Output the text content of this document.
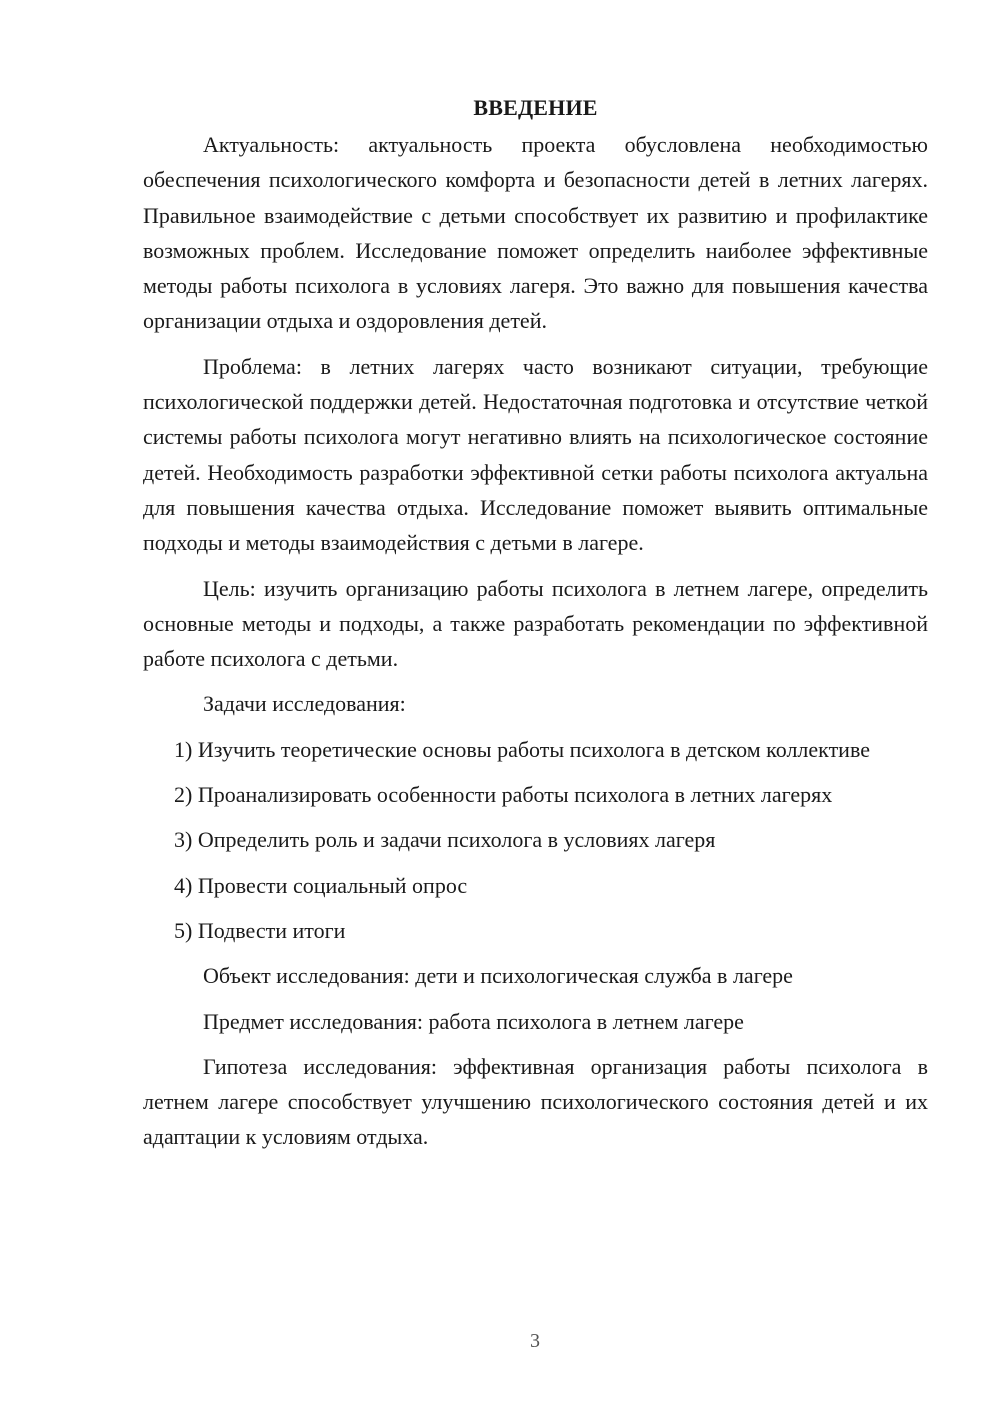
ВВЕДЕНИЕ

Актуальность: актуальность проекта обусловлена необходимостью обеспечения психологического комфорта и безопасности детей в летних лагерях. Правильное взаимодействие с детьми способствует их развитию и профилактике возможных проблем. Исследование поможет определить наиболее эффективные методы работы психолога в условиях лагеря. Это важно для повышения качества организации отдыха и оздоровления детей.

Проблема: в летних лагерях часто возникают ситуации, требующие психологической поддержки детей. Недостаточная подготовка и отсутствие четкой системы работы психолога могут негативно влиять на психологическое состояние детей. Необходимость разработки эффективной сетки работы психолога актуальна для повышения качества отдыха. Исследование поможет выявить оптимальные подходы и методы взаимодействия с детьми в лагере.

Цель: изучить организацию работы психолога в летнем лагере, определить основные методы и подходы, а также разработать рекомендации по эффективной работе психолога с детьми.

Задачи исследования:

1) Изучить теоретические основы работы психолога в детском коллективе

2) Проанализировать особенности работы психолога в летних лагерях

3) Определить роль и задачи психолога в условиях лагеря

4) Провести социальный опрос

5) Подвести итоги

Объект исследования: дети и психологическая служба в лагере

Предмет исследования: работа психолога в летнем лагере

Гипотеза исследования: эффективная организация работы психолога в летнем лагере способствует улучшению психологического состояния детей и их адаптации к условиям отдыха.

3
